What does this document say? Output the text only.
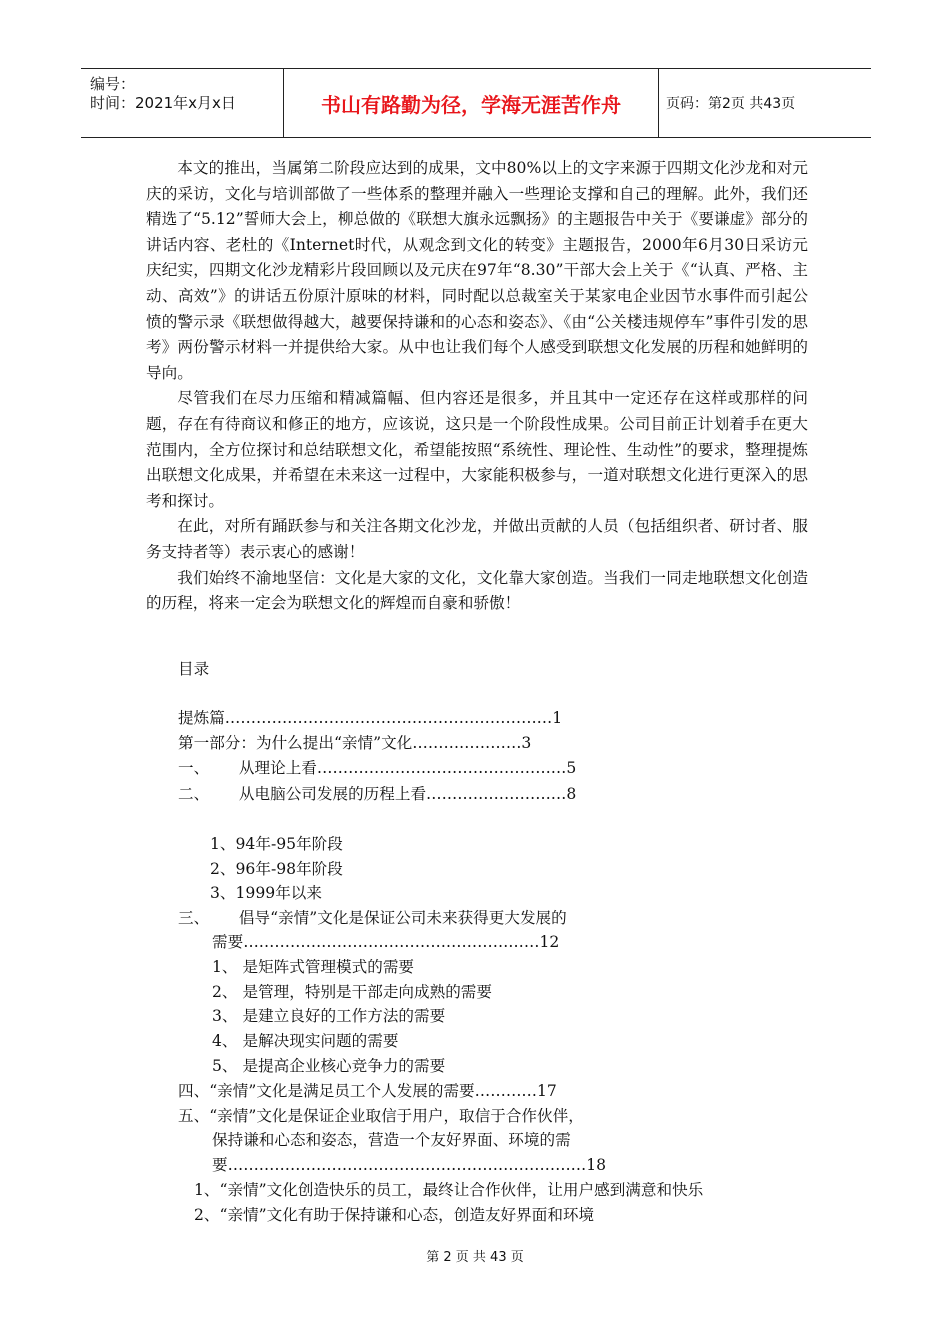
编号：
时间：2021年x月x日	书山有路勤为径，学海无涯苦作舟	页码：第2页 共43页

本文的推出，当属第二阶段应达到的成果，文中80%以上的文字来源于四期文化沙龙和对元庆的采访，文化与培训部做了一些体系的整理并融入一些理论支撑和自己的理解。此外，我们还精选了“5.12”誓师大会上，柳总做的《联想大旗永远飘扬》的主题报告中关于《要谦虚》部分的讲话内容、老杜的《Internet时代，从观念到文化的转变》主题报告，2000年6月30日采访元庆纪实，四期文化沙龙精彩片段回顾以及元庆在97年“8.30”干部大会上关于《“认真、严格、主动、高效”》的讲话五份原汁原味的材料，同时配以总裁室关于某家电企业因节水事件而引起公愤的警示录《联想做得越大，越要保持谦和的心态和姿态》、《由“公关楼违规停车”事件引发的思考》两份警示材料一并提供给大家。从中也让我们每个人感受到联想文化发展的历程和她鲜明的导向。

尽管我们在尽力压缩和精减篇幅、但内容还是很多，并且其中一定还存在这样或那样的问题，存在有待商议和修正的地方，应该说，这只是一个阶段性成果。公司目前正计划着手在更大范围内，全方位探讨和总结联想文化，希望能按照“系统性、理论性、生动性”的要求，整理提炼出联想文化成果，并希望在未来这一过程中，大家能积极参与，一道对联想文化进行更深入的思考和探讨。

在此，对所有踊跃参与和关注各期文化沙龙，并做出贡献的人员（包括组织者、研讨者、服务支持者等）表示衷心的感谢！

我们始终不渝地坚信：文化是大家的文化，文化靠大家创造。当我们一同走地联想文化创造的历程，将来一定会为联想文化的辉煌而自豪和骄傲！

目录
提炼篇………………………………………………………1
第一部分：为什么提出“亲情”文化…………………3
一、      从理论上看…………………………………………5
二、      从电脑公司发展的历程上看………………………8
1、94年-95年阶段
2、96年-98年阶段
3、1999年以来
三、      倡导“亲情”文化是保证公司未来获得更大发展的
需要…………………………………………………12
1、 是矩阵式管理模式的需要
2、 是管理，特别是干部走向成熟的需要
3、 是建立良好的工作方法的需要
4、 是解决现实问题的需要
5、 是提高企业核心竞争力的需要
四、“亲情”文化是满足员工个人发展的需要…………17
五、“亲情”文化是保证企业取信于用户，取信于合作伙伴，
保持谦和心态和姿态，营造一个友好界面、环境的需
要……………………………………………………………18
1、“亲情”文化创造快乐的员工，最终让合作伙伴，让用户感到满意和快乐
2、“亲情”文化有助于保持谦和心态，创造友好界面和环境
第 2 页 共 43 页
